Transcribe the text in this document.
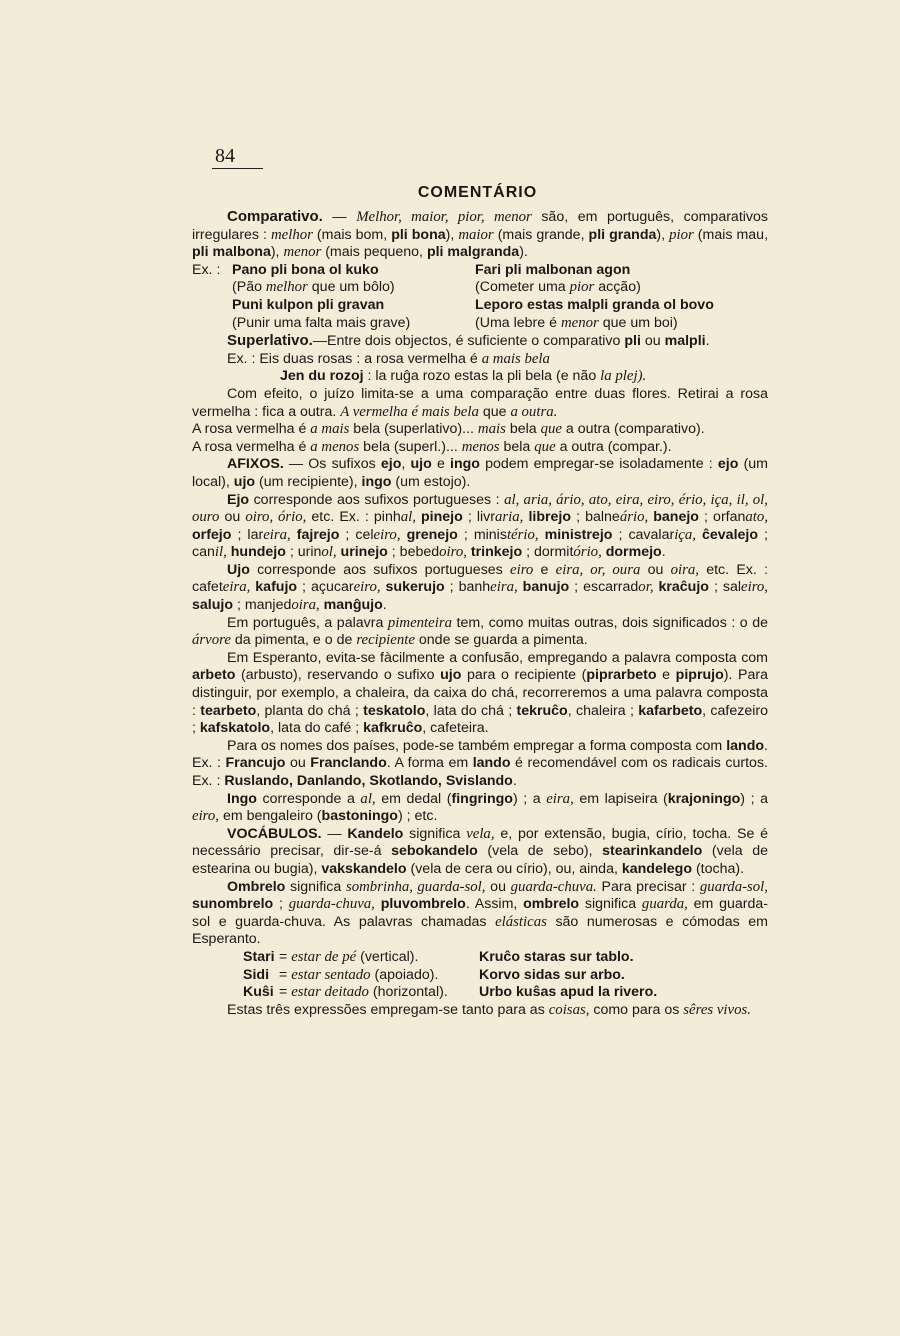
84
COMENTÁRIO

Comparativo. — Melhor, maior, pior, menor são, em português, comparativos irregulares : melhor (mais bom, pli bona), maior (mais grande, pli granda), pior (mais mau, pli malbona), menor (mais pequeno, pli malgranda).

Ex. : Pano pli bona ol kuko	Fari pli malbonan agon
(Pão melhor que um bôlo)	(Cometer uma pior acção)
Puni kulpon pli gravan	Leporo estas malpli granda ol bovo
(Punir uma falta mais grave)	(Uma lebre é menor que um boi)

Superlativo.—Entre dois objectos, é suficiente o comparativo pli ou malpli.

Ex. : Eis duas rosas : a rosa vermelha é a mais bela

Jen du rozoj : la ruĝa rozo estas la pli bela (e não la plej).

Com efeito, o juízo limita-se a uma comparação entre duas flores. Retirai a rosa vermelha : fica a outra. A vermelha é mais bela que a outra.

A rosa vermelha é a mais bela (superlativo)... mais bela que a outra (comparativo).

A rosa vermelha é a menos bela (superl.)... menos bela que a outra (compar.).

AFIXOS. — Os sufixos ejo, ujo e ingo podem empregar-se isoladamente : ejo (um local), ujo (um recipiente), ingo (um estojo).

Ejo corresponde aos sufixos portugueses : al, aria, ário, ato, eira, eiro, ério, iça, il, ol, ouro ou oiro, ório, etc. Ex. : pinhal, pinejo ; livraria, librejo ; balneário, banejo ; orfanato, orfejo ; lareira, fajrejo ; celeiro, grenejo ; ministério, ministrejo ; cavalariça, ĉevalejo ; canil, hundejo ; urinol, urinejo ; bebedoiro, trinkejo ; dormitório, dormejo.

Ujo corresponde aos sufixos portugueses eiro e eira, or, oura ou oira, etc. Ex. : cafeteira, kafujo ; açucareiro, sukerujo ; banheira, banujo ; escarrador, kraĉujo ; saleiro, salujo ; manjedoira, manĝujo.

Em português, a palavra pimenteira tem, como muitas outras, dois significados : o de árvore da pimenta, e o de recipiente onde se guarda a pimenta.

Em Esperanto, evita-se fàcilmente a confusão, empregando a palavra composta com arbeto (arbusto), reservando o sufixo ujo para o recipiente (piprarbeto e piprujo). Para distinguir, por exemplo, a chaleira, da caixa do chá, recorreremos a uma palavra composta : tearbeto, planta do chá ; teskatolo, lata do chá ; tekruĉo, chaleira ; kafarbeto, cafezeiro ; kafskatolo, lata do café ; kafkruĉo, cafeteira.

Para os nomes dos países, pode-se também empregar a forma composta com lando. Ex. : Francujo ou Franclando. A forma em lando é recomendável com os radicais curtos. Ex. : Ruslando, Danlando, Skotlando, Svislando.

Ingo corresponde a al, em dedal (fingringo) ; a eira, em lapiseira (krajoningo) ; a eiro, em bengaleiro (bastoningo) ; etc.

VOCÁBULOS. — Kandelo significa vela, e, por extensão, bugia, círio, tocha. Se é necessário precisar, dir-se-á sebokandelo (vela de sebo), stearinkandelo (vela de estearina ou bugia), vakskandelo (vela de cera ou círio), ou, ainda, kandelego (tocha).

Ombrelo significa sombrinha, guarda-sol, ou guarda-chuva. Para precisar : guarda-sol, sunombrelo ; guarda-chuva, pluvombrelo. Assim, ombrelo significa guarda, em guarda-sol e guarda-chuva. As palavras chamadas elásticas são numerosas e cómodas em Esperanto.

Stari = estar de pé (vertical).	Kruĉo staras sur tablo.
Sidi = estar sentado (apoiado).	Korvo sidas sur arbo.
Kuŝi = estar deitado (horizontal).	Urbo kuŝas apud la rivero.

Estas três expressões empregam-se tanto para as coisas, como para os sêres vivos.
